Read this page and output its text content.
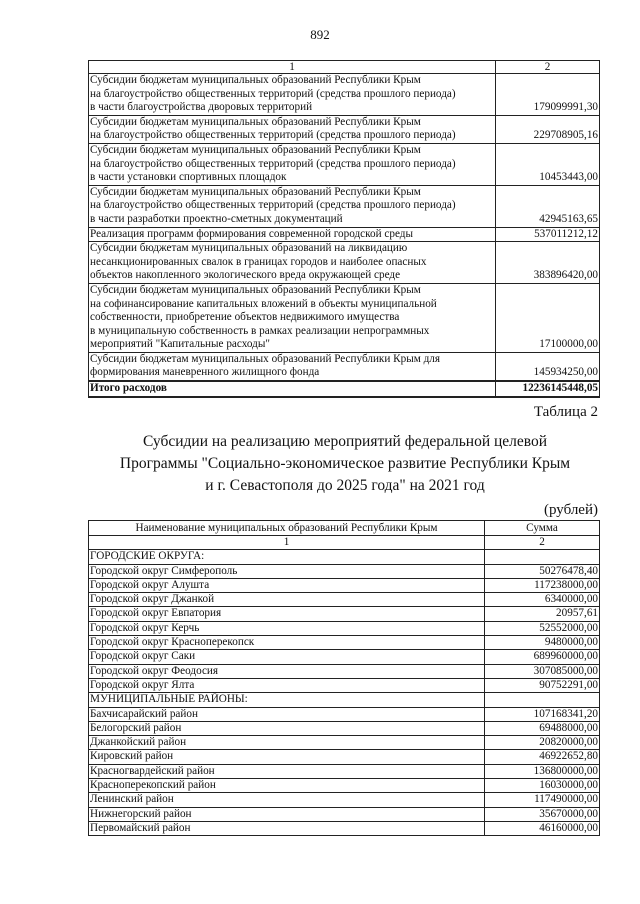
892
1	2
Субсидии бюджетам муниципальных образований Республики Крым
на благоустройство общественных территорий (средства прошлого периода)
в части благоустройства дворовых территорий	179099991,30
Субсидии бюджетам муниципальных образований Республики Крым
на благоустройство общественных территорий (средства прошлого периода)	229708905,16
Субсидии бюджетам муниципальных образований Республики Крым
на благоустройство общественных территорий (средства прошлого периода)
в части установки спортивных площадок	10453443,00
Субсидии бюджетам муниципальных образований Республики Крым
на благоустройство общественных территорий (средства прошлого периода)
в части разработки проектно-сметных документаций	42945163,65
Реализация программ формирования современной городской среды	537011212,12
Субсидии бюджетам муниципальных образований на ликвидацию
несанкционированных свалок в границах городов и наиболее опасных
объектов накопленного экологического вреда окружающей среде	383896420,00
Субсидии бюджетам муниципальных образований Республики Крым
на софинансирование капитальных вложений в объекты муниципальной
собственности, приобретение объектов недвижимого имущества
в муниципальную собственность в рамках реализации непрограммных
мероприятий "Капитальные расходы"	17100000,00
Субсидии бюджетам муниципальных образований Республики Крым для
формирования маневренного жилищного фонда	145934250,00
Итого расходов	12236145448,05
Таблица 2
Субсидии на реализацию мероприятий федеральной целевой
Программы "Социально-экономическое развитие Республики Крым
и г. Севастополя до 2025 года" на 2021 год
(рублей)
Наименование муниципальных образований Республики Крым	Сумма
1	2
ГОРОДСКИЕ ОКРУГА:	
Городской округ Симферополь	50276478,40
Городской округ Алушта	117238000,00
Городской округ Джанкой	6340000,00
Городской округ Евпатория	20957,61
Городской округ Керчь	52552000,00
Городской округ Красноперекопск	9480000,00
Городской округ Саки	689960000,00
Городской округ Феодосия	307085000,00
Городской округ Ялта	90752291,00
МУНИЦИПАЛЬНЫЕ РАЙОНЫ:	
Бахчисарайский район	107168341,20
Белогорский район	69488000,00
Джанкойский район	20820000,00
Кировский район	46922652,80
Красногвардейский район	136800000,00
Красноперекопский район	16030000,00
Ленинский район	117490000,00
Нижнегорский район	35670000,00
Первомайский район	46160000,00
